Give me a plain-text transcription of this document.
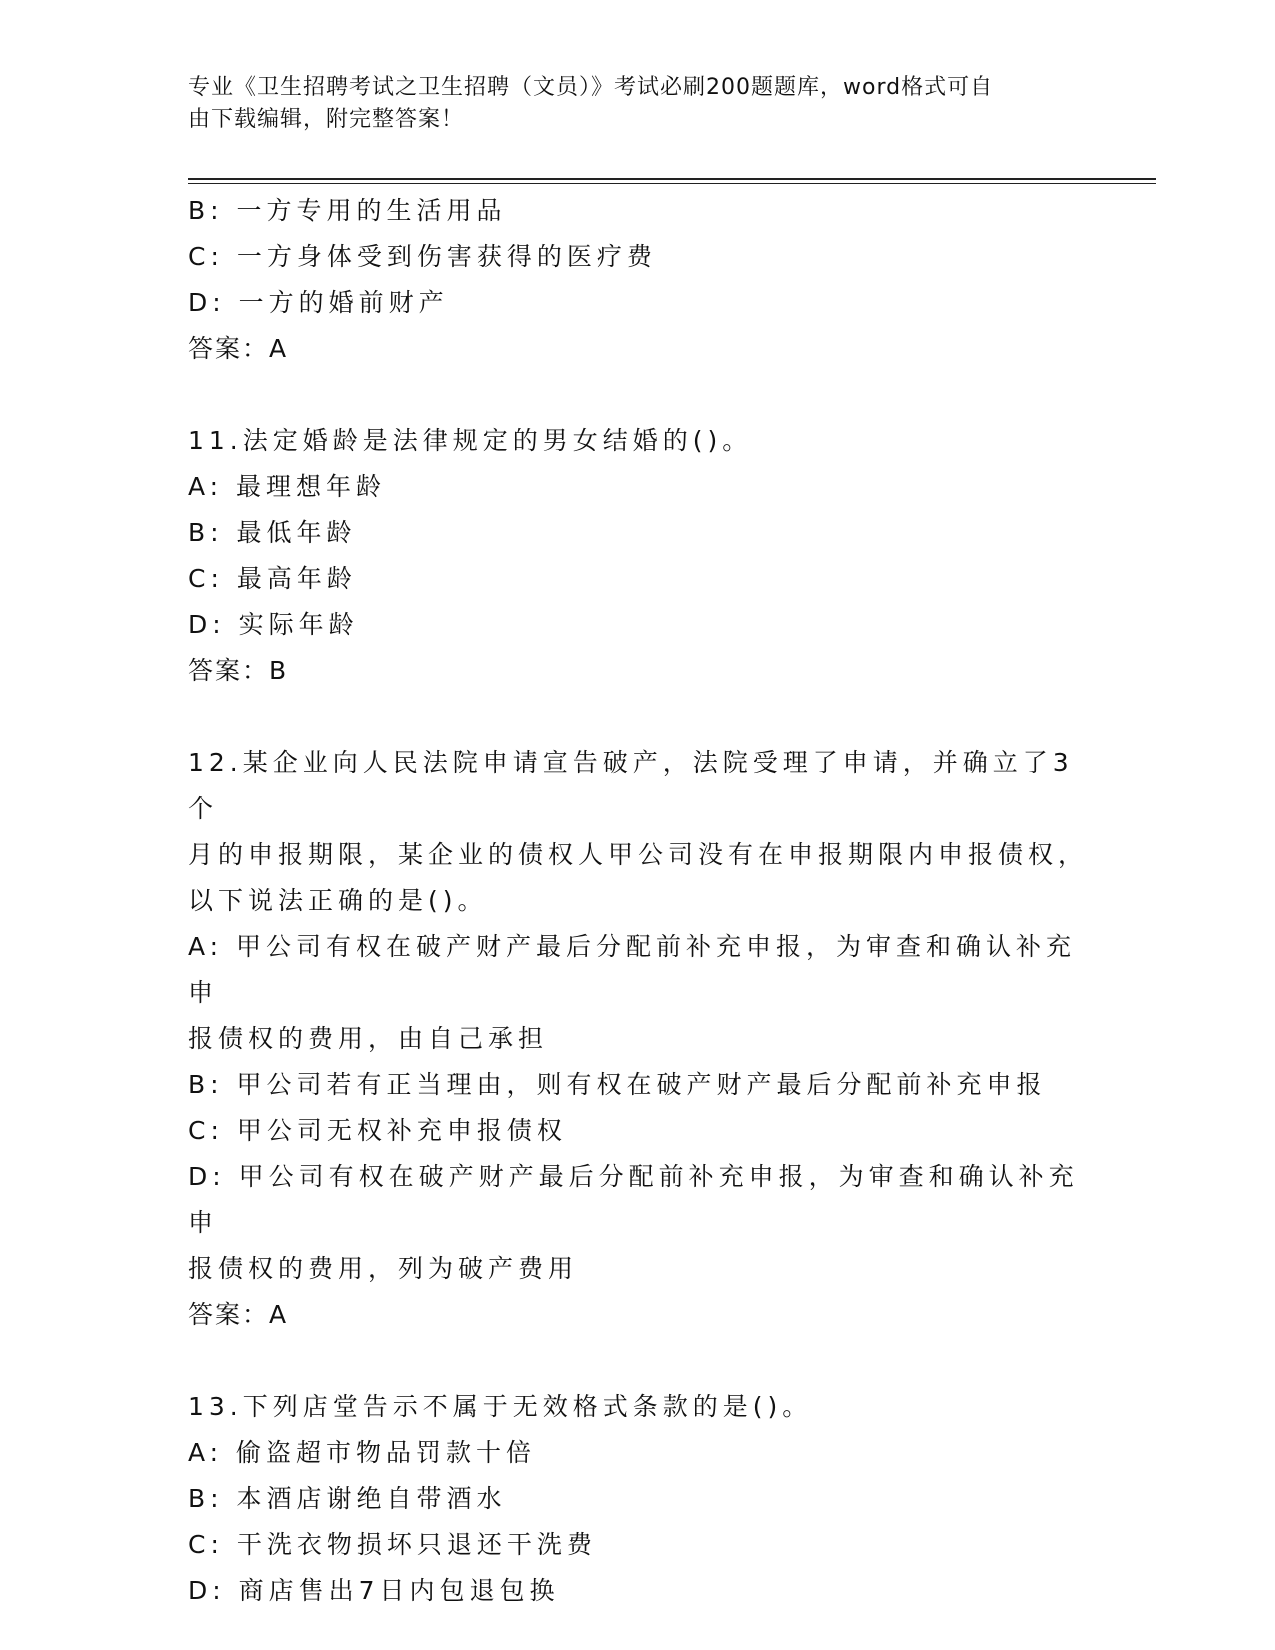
专业《卫生招聘考试之卫生招聘（文员）》考试必刷200题题库，word格式可自
由下载编辑，附完整答案！
B: 一方专用的生活用品
C: 一方身体受到伤害获得的医疗费
D: 一方的婚前财产
答案：A
11.法定婚龄是法律规定的男女结婚的()。
A: 最理想年龄
B: 最低年龄
C: 最高年龄
D: 实际年龄
答案：B
12.某企业向人民法院申请宣告破产，法院受理了申请，并确立了3个
月的申报期限，某企业的债权人甲公司没有在申报期限内申报债权，
以下说法正确的是()。
A: 甲公司有权在破产财产最后分配前补充申报，为审查和确认补充申
报债权的费用，由自己承担
B: 甲公司若有正当理由，则有权在破产财产最后分配前补充申报
C: 甲公司无权补充申报债权
D: 甲公司有权在破产财产最后分配前补充申报，为审查和确认补充申
报债权的费用，列为破产费用
答案：A
13.下列店堂告示不属于无效格式条款的是()。
A: 偷盗超市物品罚款十倍
B: 本酒店谢绝自带酒水
C: 干洗衣物损坏只退还干洗费
D: 商店售出7日内包退包换
